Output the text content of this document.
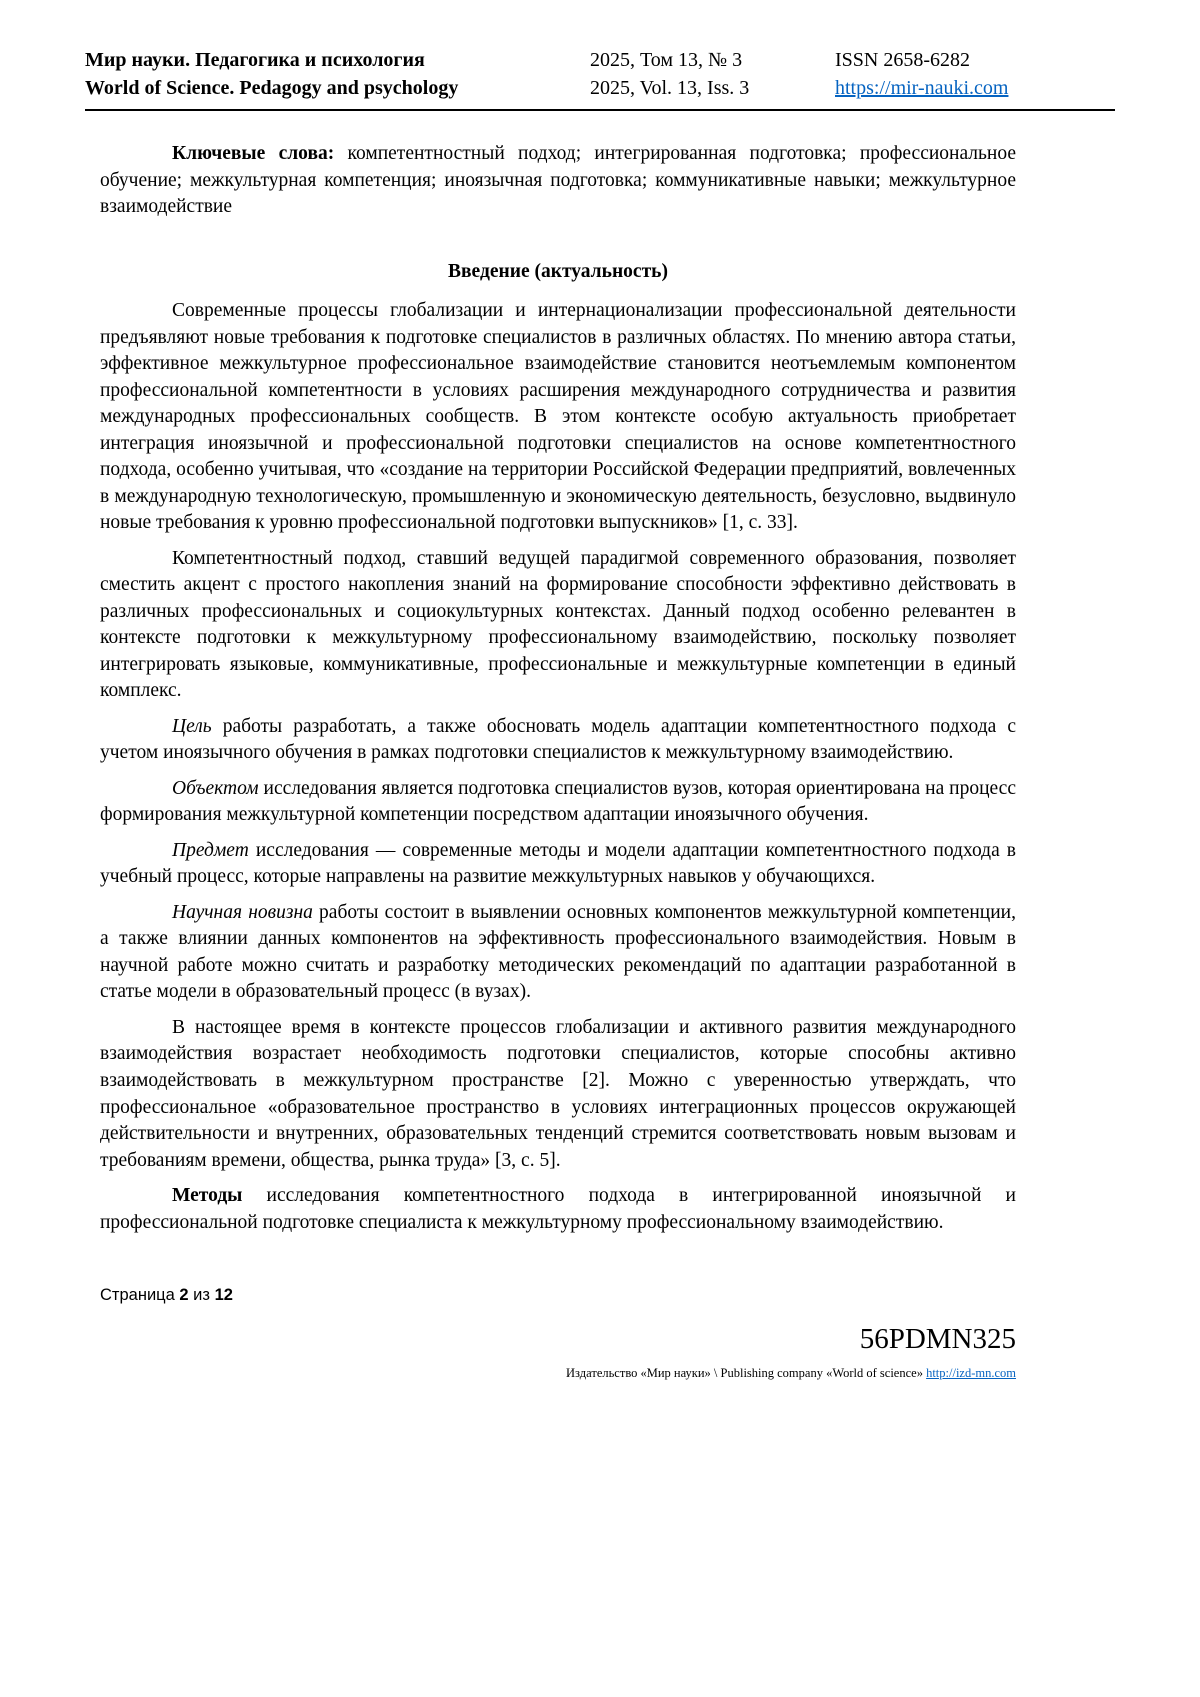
Мир науки. Педагогика и психология
World of Science. Pedagogy and psychology
2025, Том 13, № 3
2025, Vol. 13, Iss. 3
ISSN 2658-6282
https://mir-nauki.com

Ключевые слова: компетентностный подход; интегрированная подготовка; профессиональное обучение; межкультурная компетенция; иноязычная подготовка; коммуникативные навыки; межкультурное взаимодействие

Введение (актуальность)

Современные процессы глобализации и интернационализации профессиональной деятельности предъявляют новые требования к подготовке специалистов в различных областях. По мнению автора статьи, эффективное межкультурное профессиональное взаимодействие становится неотъемлемым компонентом профессиональной компетентности в условиях расширения международного сотрудничества и развития международных профессиональных сообществ. В этом контексте особую актуальность приобретает интеграция иноязычной и профессиональной подготовки специалистов на основе компетентностного подхода, особенно учитывая, что «создание на территории Российской Федерации предприятий, вовлеченных в международную технологическую, промышленную и экономическую деятельность, безусловно, выдвинуло новые требования к уровню профессиональной подготовки выпускников» [1, с. 33].

Компетентностный подход, ставший ведущей парадигмой современного образования, позволяет сместить акцент с простого накопления знаний на формирование способности эффективно действовать в различных профессиональных и социокультурных контекстах. Данный подход особенно релевантен в контексте подготовки к межкультурному профессиональному взаимодействию, поскольку позволяет интегрировать языковые, коммуникативные, профессиональные и межкультурные компетенции в единый комплекс.

Цель работы разработать, а также обосновать модель адаптации компетентностного подхода с учетом иноязычного обучения в рамках подготовки специалистов к межкультурному взаимодействию.

Объектом исследования является подготовка специалистов вузов, которая ориентирована на процесс формирования межкультурной компетенции посредством адаптации иноязычного обучения.

Предмет исследования — современные методы и модели адаптации компетентностного подхода в учебный процесс, которые направлены на развитие межкультурных навыков у обучающихся.

Научная новизна работы состоит в выявлении основных компонентов межкультурной компетенции, а также влиянии данных компонентов на эффективность профессионального взаимодействия. Новым в научной работе можно считать и разработку методических рекомендаций по адаптации разработанной в статье модели в образовательный процесс (в вузах).

В настоящее время в контексте процессов глобализации и активного развития международного взаимодействия возрастает необходимость подготовки специалистов, которые способны активно взаимодействовать в межкультурном пространстве [2]. Можно с уверенностью утверждать, что профессиональное «образовательное пространство в условиях интеграционных процессов окружающей действительности и внутренних, образовательных тенденций стремится соответствовать новым вызовам и требованиям времени, общества, рынка труда» [3, с. 5].

Методы исследования компетентностного подхода в интегрированной иноязычной и профессиональной подготовке специалиста к межкультурному профессиональному взаимодействию.

Страница 2 из 12
56PDMN325
Издательство «Мир науки» \ Publishing company «World of science» http://izd-mn.com
